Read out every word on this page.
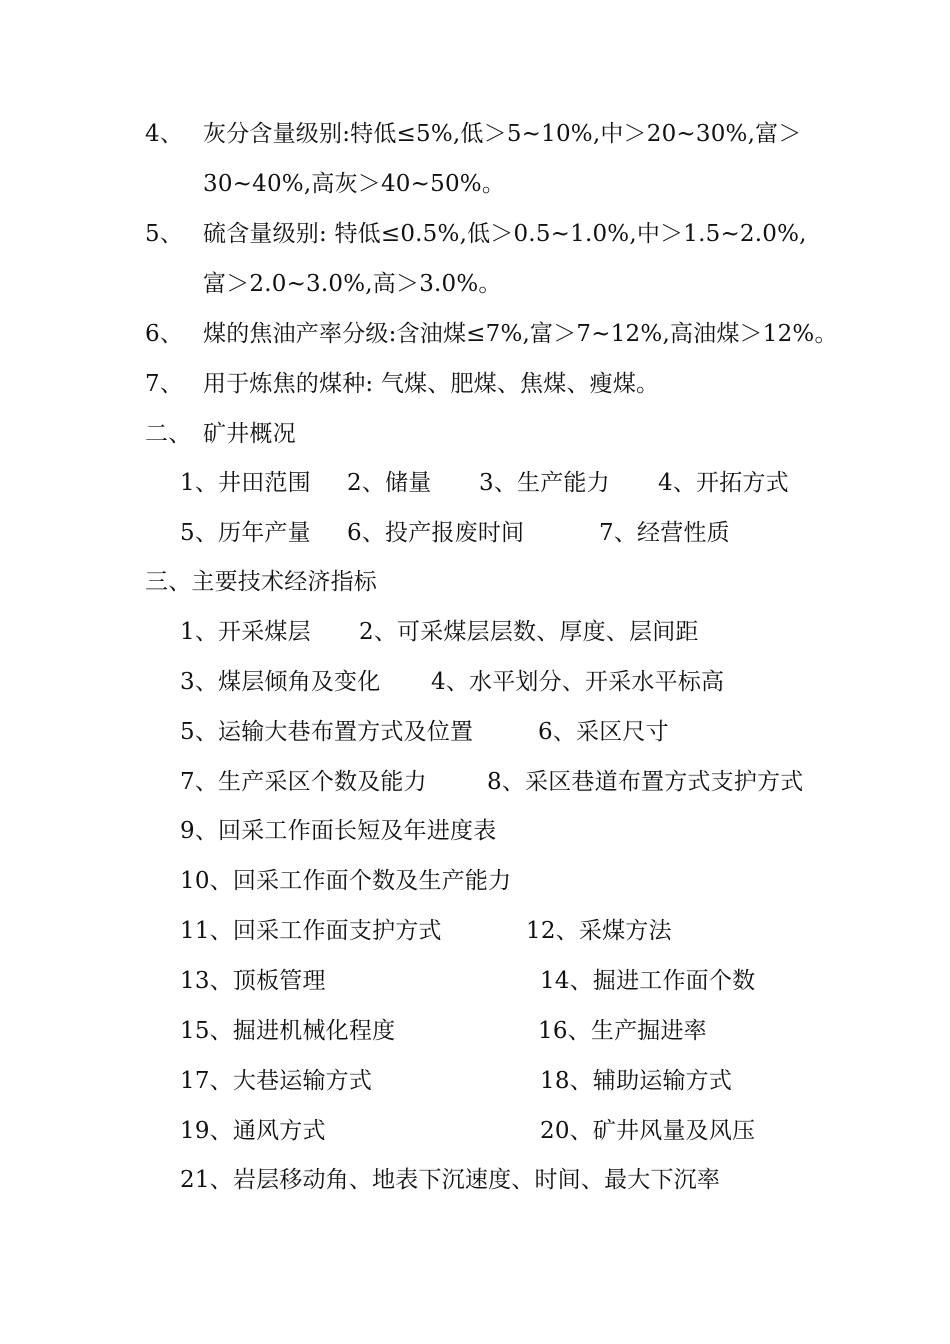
4、 灰分含量级别:特低≤5%,低＞5~10%,中＞20~30%,富＞
30~40%,高灰＞40~50%。
5、 硫含量级别: 特低≤0.5%,低＞0.5~1.0%,中＞1.5~2.0%,
富＞2.0~3.0%,高＞3.0%。
6、 煤的焦油产率分级:含油煤≤7%,富＞7~12%,高油煤＞12%。
7、 用于炼焦的煤种: 气煤、肥煤、焦煤、瘦煤。
二、 矿井概况
1、井田范围 2、储量 3、生产能力 4、开拓方式
5、历年产量 6、投产报废时间	7、经营性质
三、主要技术经济指标
1、开采煤层 2、可采煤层层数、厚度、层间距
3、煤层倾角及变化 4、水平划分、开采水平标高
5、运输大巷布置方式及位置	6、采区尺寸
7、生产采区个数及能力	8、采区巷道布置方式支护方式
9、回采工作面长短及年进度表
10、回采工作面个数及生产能力
11、回采工作面支护方式	12、采煤方法
13、顶板管理	14、掘进工作面个数
15、掘进机械化程度	16、生产掘进率
17、大巷运输方式	18、辅助运输方式
19、通风方式	20、矿井风量及风压
21、岩层移动角、地表下沉速度、时间、最大下沉率
